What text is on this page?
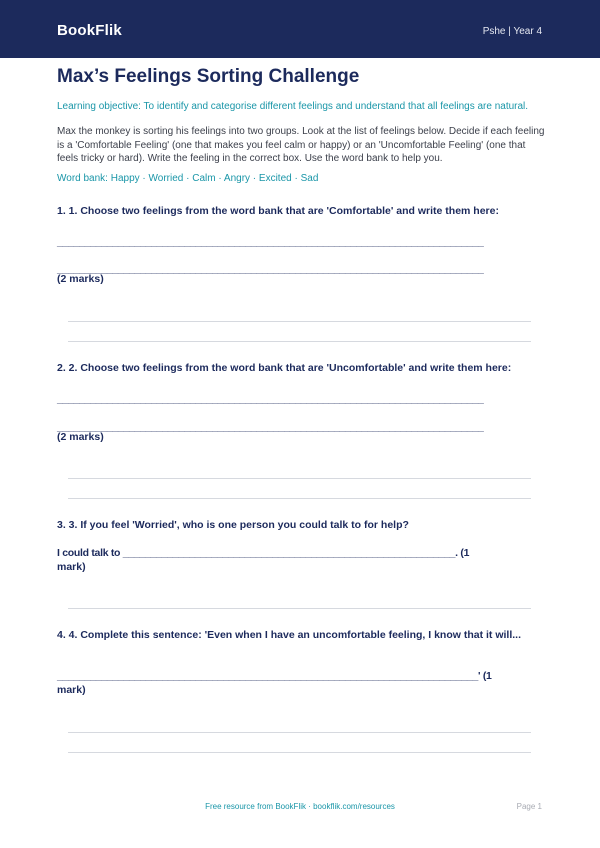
BookFlik	Pshe | Year 4
Max’s Feelings Sorting Challenge
Learning objective: To identify and categorise different feelings and understand that all feelings are natural.
Max the monkey is sorting his feelings into two groups. Look at the list of feelings below. Decide if each feeling is a 'Comfortable Feeling' (one that makes you feel calm or happy) or an 'Uncomfortable Feeling' (one that feels tricky or hard). Write the feeling in the correct box. Use the word bank to help you.
Word bank: Happy · Worried · Calm · Angry · Excited · Sad
1. 1. Choose two feelings from the word bank that are 'Comfortable' and write them here:
_____________________________________________________________________________
_____________________________________________________________________________
(2 marks)
2. 2. Choose two feelings from the word bank that are 'Uncomfortable' and write them here:
_____________________________________________________________________________
_____________________________________________________________________________
(2 marks)
3. 3. If you feel 'Worried', who is one person you could talk to for help?
I could talk to ____________________________________________________________. (1
mark)
4. 4. Complete this sentence: 'Even when I have an uncomfortable feeling, I know that it will...
____________________________________________________________________________' (1
mark)
Free resource from BookFlik · bookflik.com/resources	Page 1
